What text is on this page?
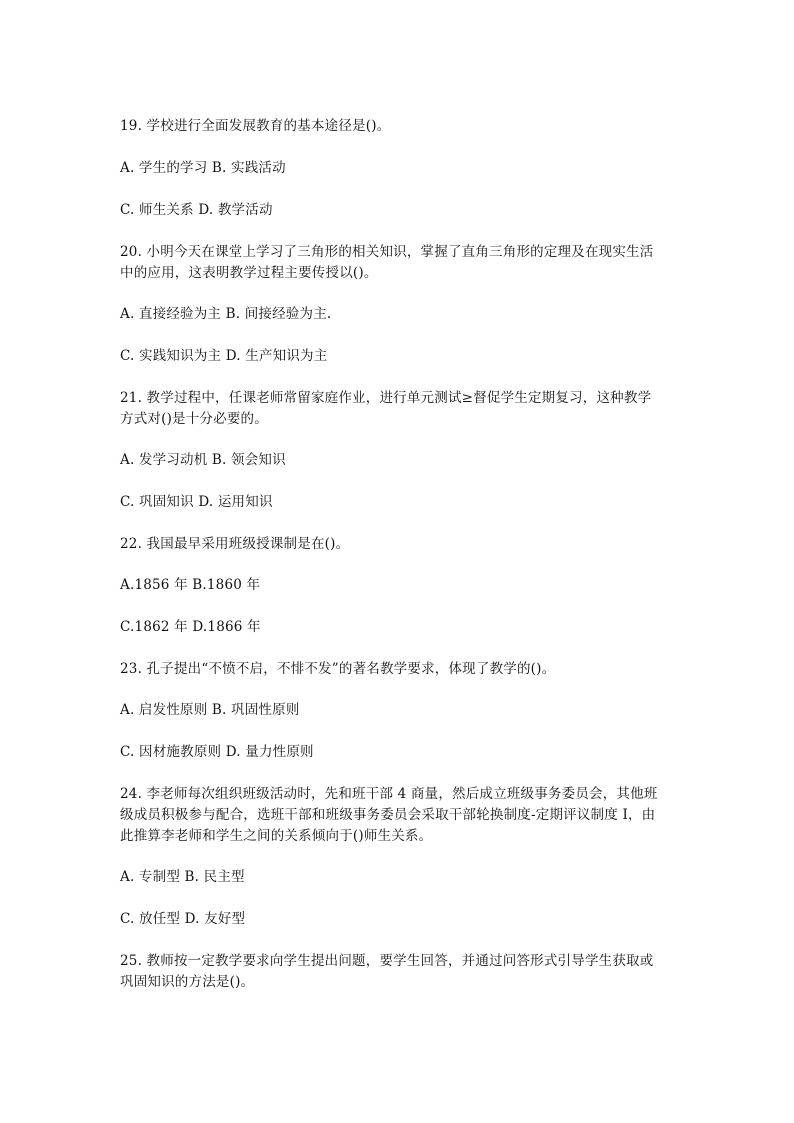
19. 学校进行全面发展教育的基本途径是()。
A. 学生的学习 B. 实践活动
C. 师生关系 D. 教学活动
20. 小明今天在课堂上学习了三角形的相关知识，掌握了直角三角形的定理及在现实生活
中的应用，这表明教学过程主要传授以()。
A. 直接经验为主 B. 间接经验为主.
C. 实践知识为主 D. 生产知识为主
21. 教学过程中，任课老师常留家庭作业，进行单元测试≥督促学生定期复习，这种教学
方式对()是十分必要的。
A. 发学习动机 B. 领会知识
C. 巩固知识 D. 运用知识
22. 我国最早采用班级授课制是在()。
A.1856 年 B.1860 年
C.1862 年 D.1866 年
23. 孔子提出“不愤不启，不悱不发”的著名教学要求，体现了教学的()。
A. 启发性原则 B. 巩固性原则
C. 因材施教原则 D. 量力性原则
24. 李老师每次组织班级活动时，先和班干部 4 商量，然后成立班级事务委员会，其他班
级成员积极参与配合，选班干部和班级事务委员会采取干部轮换制度-定期评议制度 I，由
此推算李老师和学生之间的关系倾向于()师生关系。
A. 专制型 B. 民主型
C. 放任型 D. 友好型
25. 教师按一定教学要求向学生提出问题，要学生回答，并通过问答形式引导学生获取或
巩固知识的方法是()。
